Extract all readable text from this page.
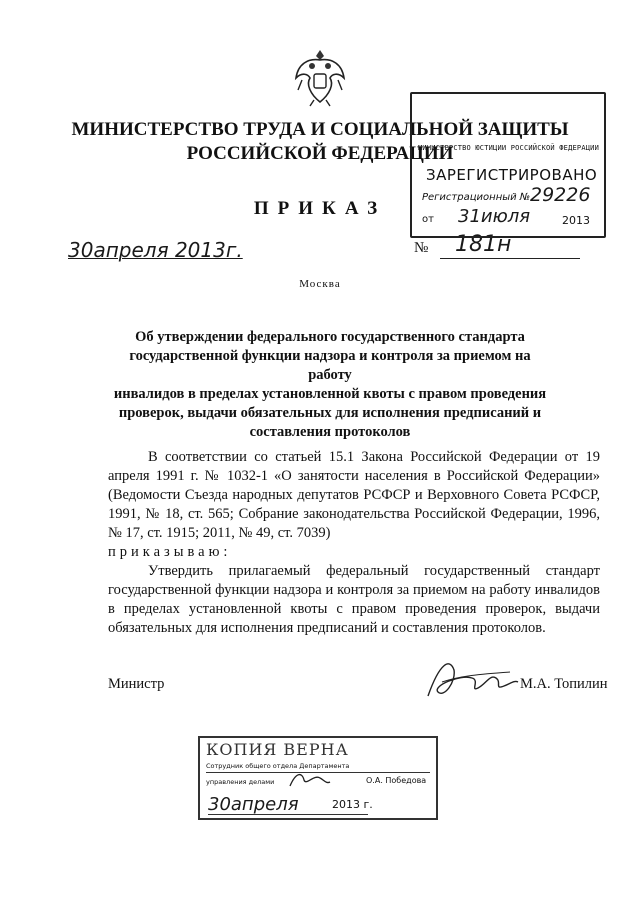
МИНИСТЕРСТВО ТРУДА И СОЦИАЛЬНОЙ ЗАЩИТЫ
РОССИЙСКОЙ ФЕДЕРАЦИИ
ПРИКАЗ
30апреля 2013г.	№ 181н
Москва
МИНИСТЕРСТВО ЮСТИЦИИ РОССИЙСКОЙ ФЕДЕРАЦИИ
ЗАРЕГИСТРИРОВАНО
Регистрационный № 29226
от 31июля	2013
Об утверждении федерального государственного стандарта
государственной функции надзора и контроля за приемом на работу
инвалидов в пределах установленной квоты с правом проведения
проверок, выдачи обязательных для исполнения предписаний и
составления протоколов

В соответствии со статьей 15.1 Закона Российской Федерации от 19 апреля 1991 г. № 1032-1 «О занятости населения в Российской Федерации» (Ведомости Съезда народных депутатов РСФСР и Верховного Совета РСФСР, 1991, № 18, ст. 565; Собрание законодательства Российской Федерации, 1996, № 17, ст. 1915; 2011, № 49, ст. 7039)

приказываю:

Утвердить прилагаемый федеральный государственный стандарт государственной функции надзора и контроля за приемом на работу инвалидов в пределах установленной квоты с правом проведения проверок, выдачи обязательных для исполнения предписаний и составления протоколов.

Министр	М.А. Топилин
КОПИЯ ВЕРНА
Сотрудник общего отдела Департамента
управления делами	О.А. Победова
30апреля	2013 г.
